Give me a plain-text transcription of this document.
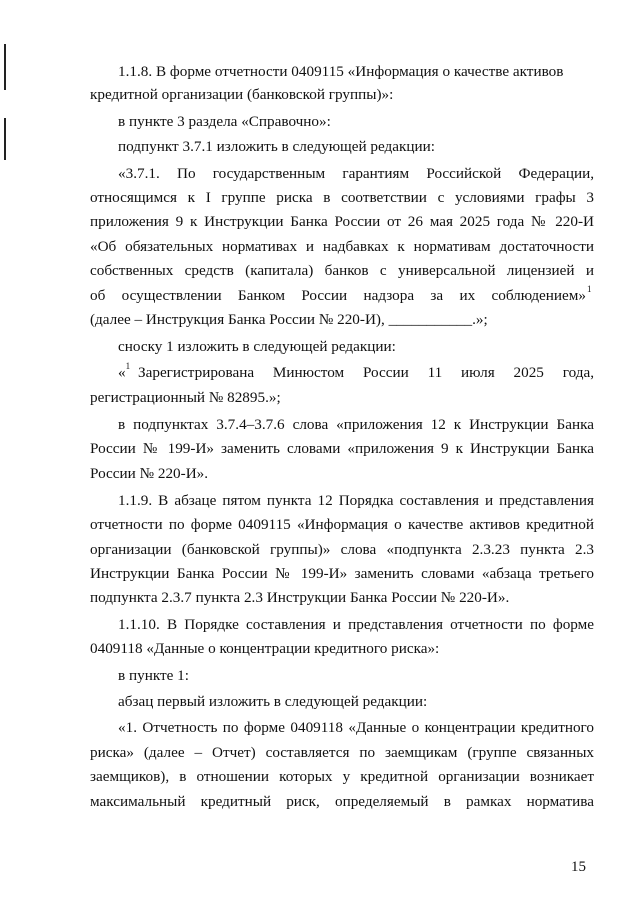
1.1.8. В форме отчетности 0409115 «Информация о качестве активов
кредитной организации (банковской группы)»:
в пункте 3 раздела «Справочно»:
подпункт 3.7.1 изложить в следующей редакции:
«3.7.1. По государственным гарантиям Российской Федерации,
относящимся к I группе риска в соответствии с условиями графы 3
приложения 9 к Инструкции Банка России от 26 мая 2025 года № 220-И
«Об обязательных нормативах и надбавках к нормативам достаточности
собственных средств (капитала) банков с универсальной лицензией и
об осуществлении Банком России надзора за их соблюдением» 1
(далее – Инструкция Банка России № 220-И), ___________.»;
сноску 1 изложить в следующей редакции:
«$^1$ Зарегистрирована Минюстом России 11 июля 2025 года,
регистрационный № 82895.»;
в подпунктах 3.7.4–3.7.6 слова «приложения 12 к Инструкции Банка
России № 199-И» заменить словами «приложения 9 к Инструкции Банка
России № 220-И».
1.1.9. В абзаце пятом пункта 12 Порядка составления и представления
отчетности по форме 0409115 «Информация о качестве активов кредитной
организации (банковской группы)» слова «подпункта 2.3.23 пункта 2.3
Инструкции Банка России № 199-И» заменить словами «абзаца третьего
подпункта 2.3.7 пункта 2.3 Инструкции Банка России № 220-И».
1.1.10. В Порядке составления и представления отчетности по форме
0409118 «Данные о концентрации кредитного риска»:
в пункте 1:
абзац первый изложить в следующей редакции:
«1. Отчетность по форме 0409118 «Данные о концентрации кредитного
риска» (далее – Отчет) составляется по заемщикам (группе связанных
заемщиков), в отношении которых у кредитной организации возникает
максимальный кредитный риск, определяемый в рамках норматива
15
